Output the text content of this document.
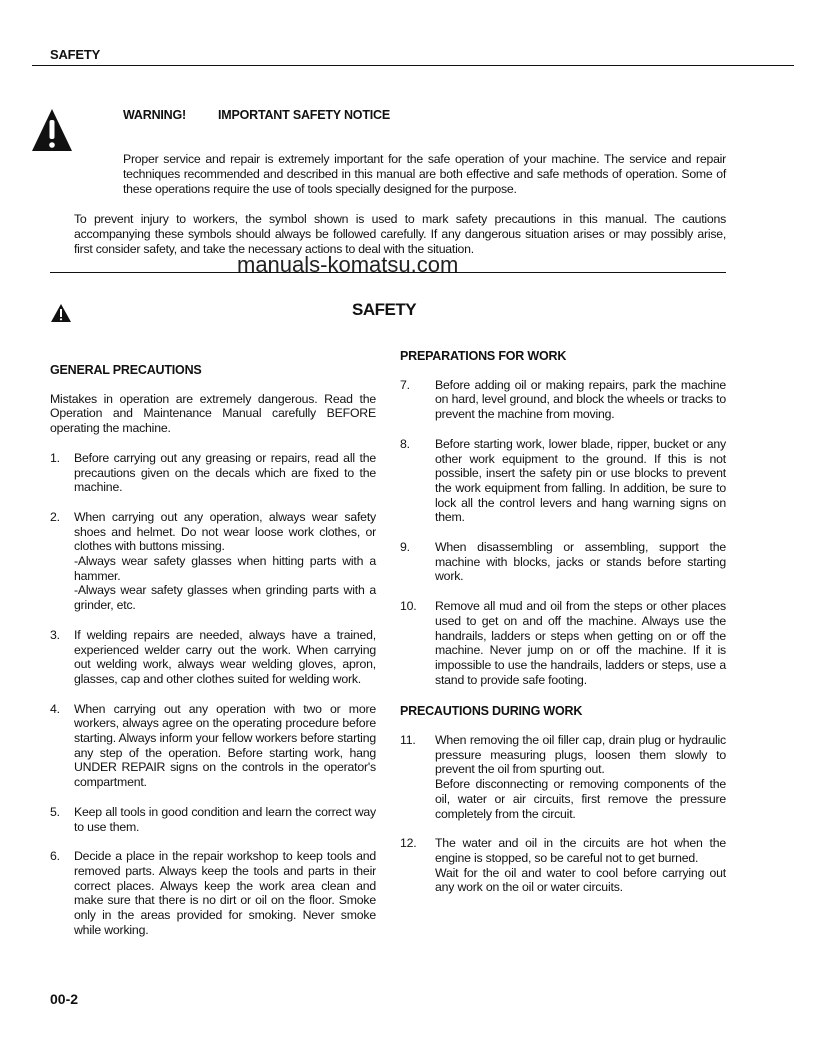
SAFETY
WARNING!	IMPORTANT SAFETY NOTICE
Proper service and repair is extremely important for the safe operation of your machine. The service and repair techniques recommended and described in this manual are both effective and safe methods of operation. Some of these operations require the use of tools specially designed for the purpose.
To prevent injury to workers, the symbol shown is used to mark safety precautions in this manual. The cautions accompanying these symbols should always be followed carefully. If any dangerous situation arises or may possibly arise, first consider safety, and take the necessary actions to deal with the situation.
manuals-komatsu.com
SAFETY
GENERAL PRECAUTIONS
Mistakes in operation are extremely dangerous. Read the Operation and Maintenance Manual carefully BEFORE operating the machine.
1.	Before carrying out any greasing or repairs, read all the precautions given on the decals which are fixed to the machine.
2.	When carrying out any operation, always wear safety shoes and helmet. Do not wear loose work clothes, or clothes with buttons missing.
-Always wear safety glasses when hitting parts with a hammer.
-Always wear safety glasses when grinding parts with a grinder, etc.
3.	If welding repairs are needed, always have a trained, experienced welder carry out the work. When carrying out welding work, always wear welding gloves, apron, glasses, cap and other clothes suited for welding work.
4.	When carrying out any operation with two or more workers, always agree on the operating procedure before starting. Always inform your fellow workers before starting any step of the operation. Before starting work, hang UNDER REPAIR signs on the controls in the operator's compartment.
5.	Keep all tools in good condition and learn the correct way to use them.
6.	Decide a place in the repair workshop to keep tools and removed parts. Always keep the tools and parts in their correct places. Always keep the work area clean and make sure that there is no dirt or oil on the floor. Smoke only in the areas provided for smoking. Never smoke while working.
PREPARATIONS FOR WORK
7.	Before adding oil or making repairs, park the machine on hard, level ground, and block the wheels or tracks to prevent the machine from moving.
8.	Before starting work, lower blade, ripper, bucket or any other work equipment to the ground. If this is not possible, insert the safety pin or use blocks to prevent the work equipment from falling. In addition, be sure to lock all the control levers and hang warning signs on them.
9.	When disassembling or assembling, support the machine with blocks, jacks or stands before starting work.
10.	Remove all mud and oil from the steps or other places used to get on and off the machine. Always use the handrails, ladders or steps when getting on or off the machine. Never jump on or off the machine. If it is impossible to use the handrails, ladders or steps, use a stand to provide safe footing.
PRECAUTIONS DURING WORK
11.	When removing the oil filler cap, drain plug or hydraulic pressure measuring plugs, loosen them slowly to prevent the oil from spurting out.
Before disconnecting or removing components of the oil, water or air circuits, first remove the pressure completely from the circuit.
12.	The water and oil in the circuits are hot when the engine is stopped, so be careful not to get burned.
Wait for the oil and water to cool before carrying out any work on the oil or water circuits.
00-2
